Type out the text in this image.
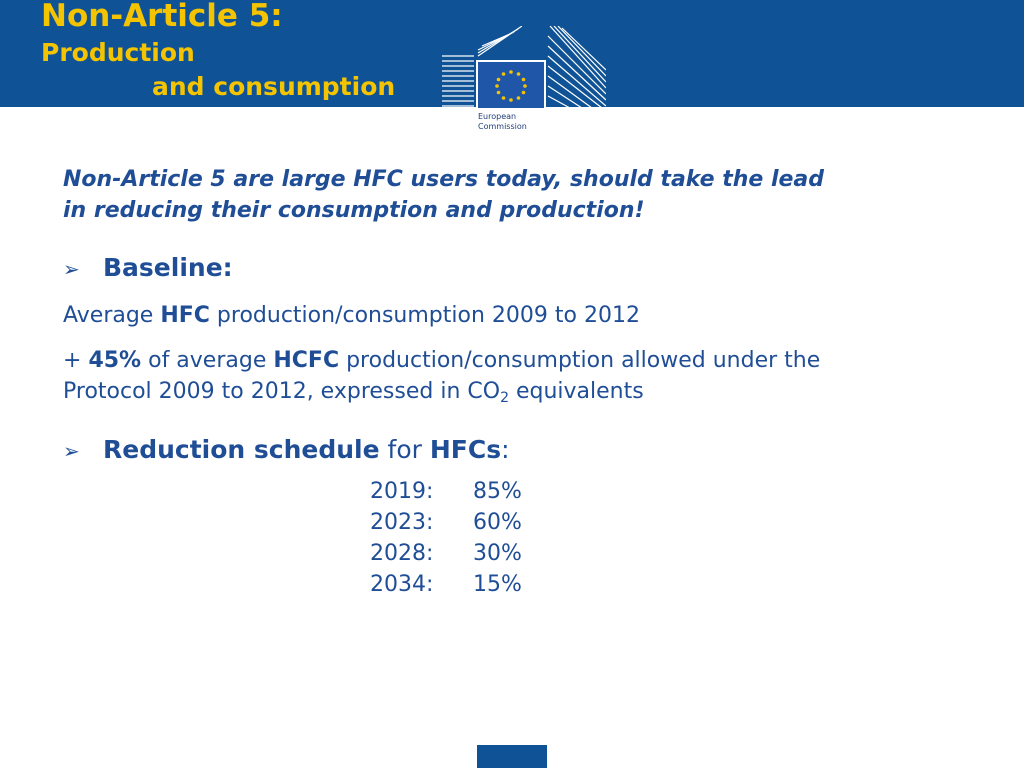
Non-Article 5:
Production
and consumption
European
Commission
Non-Article 5 are large HFC users today, should take the lead
in reducing their consumption and production!
➢ Baseline:
Average HFC production/consumption 2009 to 2012
+ 45% of average HCFC production/consumption allowed under the
Protocol 2009 to 2012, expressed in $CO_2$ equivalents
➢ Reduction schedule for HFCs:
2019: 85%
2023: 60%
2028: 30%
2034: 15%
